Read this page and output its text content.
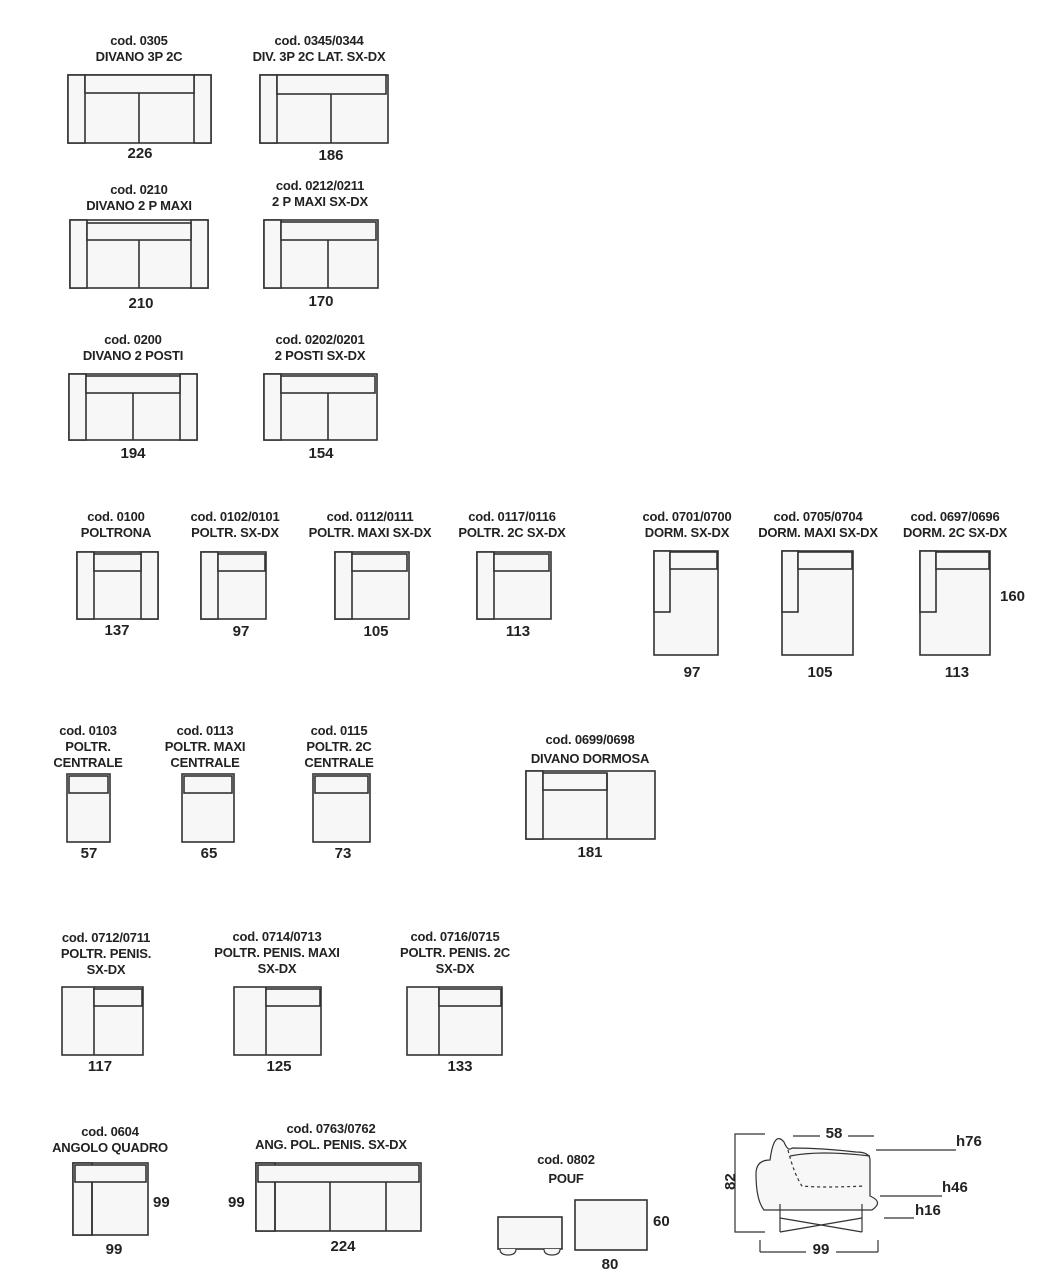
cod. 0305
DIVANO 3P 2C
226
cod. 0345/0344
DIV. 3P 2C LAT. SX-DX
186
cod. 0210
DIVANO 2 P MAXI
210
cod. 0212/0211
2 P MAXI SX-DX
170
cod. 0200
DIVANO 2 POSTI
194
cod. 0202/0201
2 POSTI SX-DX
154
cod. 0100
POLTRONA
137
cod. 0102/0101
POLTR. SX-DX
97
cod. 0112/0111
POLTR. MAXI SX-DX
105
cod. 0117/0116
POLTR. 2C SX-DX
113
cod. 0701/0700
DORM. SX-DX
97
cod. 0705/0704
DORM. MAXI SX-DX
105
cod. 0697/0696
DORM. 2C SX-DX
113
160
cod. 0103
POLTR.
CENTRALE
57
cod. 0113
POLTR. MAXI
CENTRALE
65
cod. 0115
POLTR. 2C
CENTRALE
73
cod. 0699/0698
DIVANO DORMOSA
181
cod. 0712/0711
POLTR. PENIS.
SX-DX
117
cod. 0714/0713
POLTR. PENIS. MAXI
SX-DX
125
cod. 0716/0715
POLTR. PENIS. 2C
SX-DX
133
cod. 0604
ANGOLO QUADRO
99
99
cod. 0763/0762
ANG. POL. PENIS. SX-DX
224
99
cod. 0802
POUF
80
60
58	h76
h46
h16
82
99
